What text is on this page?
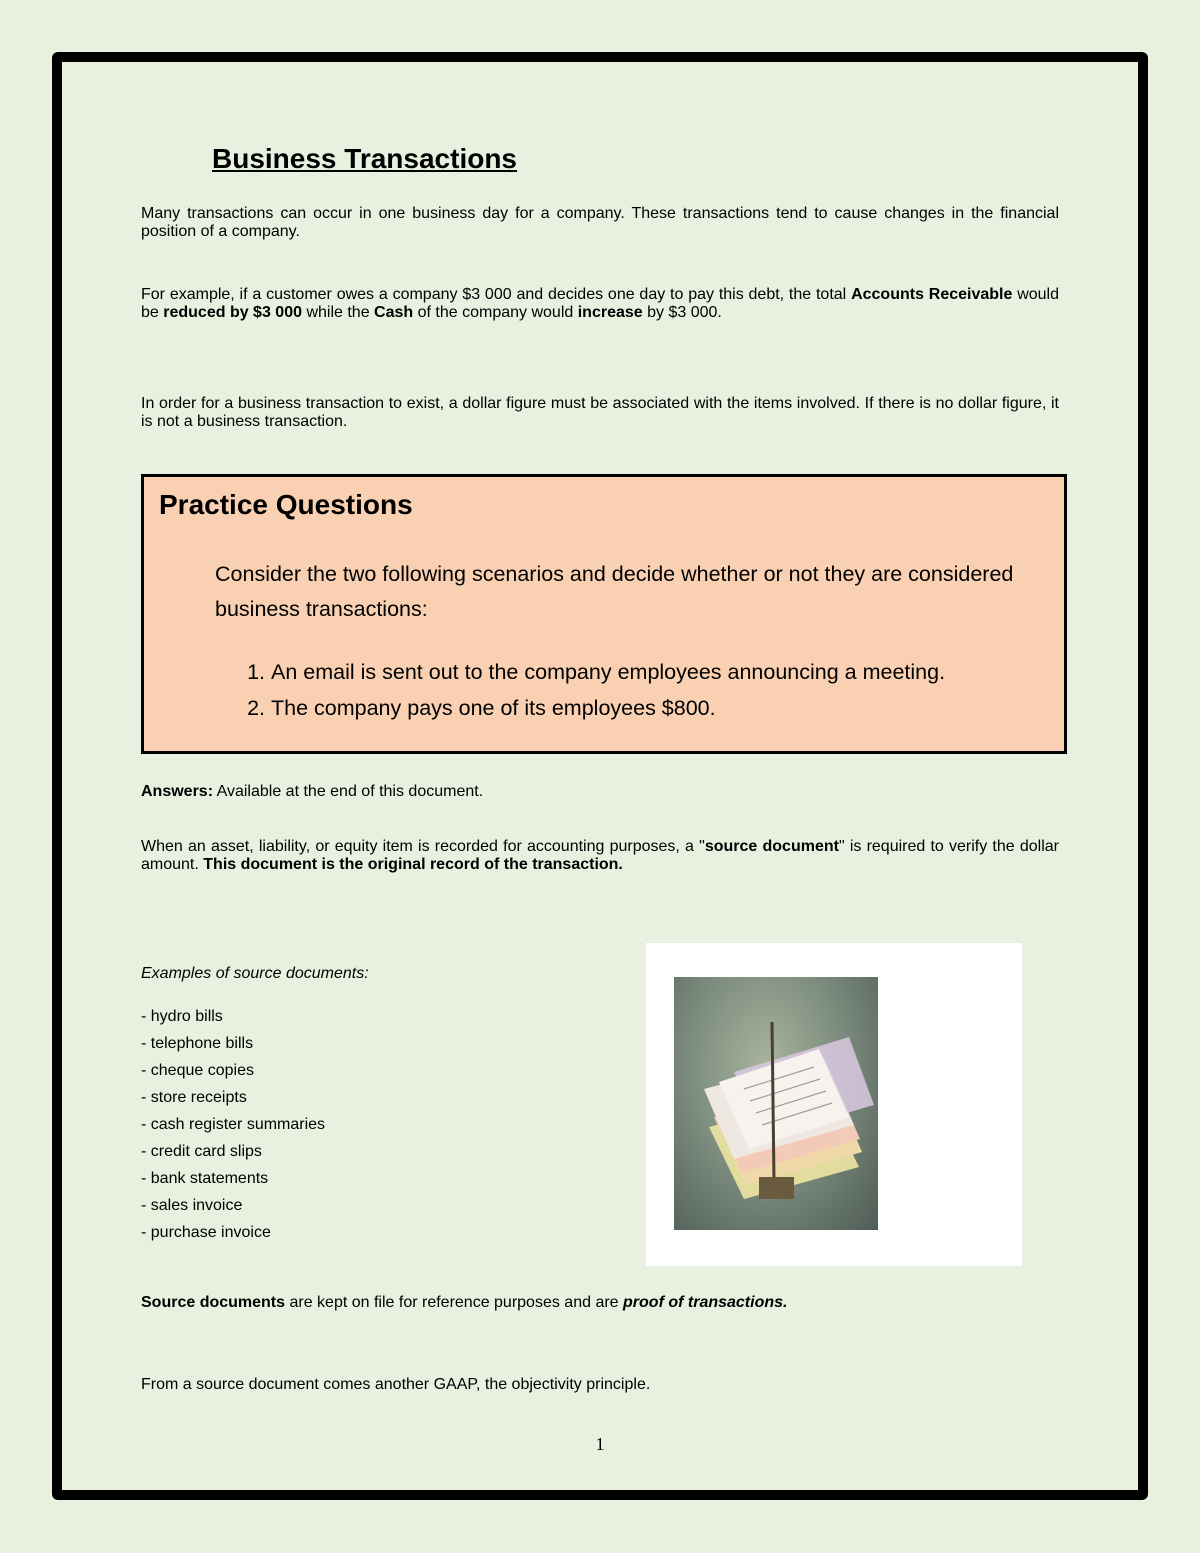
Business Transactions

Many transactions can occur in one business day for a company. These transactions tend to cause changes in the financial position of a company.

For example, if a customer owes a company $3 000 and decides one day to pay this debt, the total Accounts Receivable would be reduced by $3 000 while the Cash of the company would increase by $3 000.

In order for a business transaction to exist, a dollar figure must be associated with the items involved. If there is no dollar figure, it is not a business transaction.

Practice Questions

Consider the two following scenarios and decide whether or not they are considered business transactions:

1. An email is sent out to the company employees announcing a meeting.
2. The company pays one of its employees $800.

Answers: Available at the end of this document.

When an asset, liability, or equity item is recorded for accounting purposes, a "source document" is required to verify the dollar amount. This document is the original record of the transaction.

Examples of source documents:

- hydro bills
- telephone bills
- cheque copies
- store receipts
- cash register summaries
- credit card slips
- bank statements
- sales invoice
- purchase invoice

Source documents are kept on file for reference purposes and are proof of transactions.

From a source document comes another GAAP, the objectivity principle.

1
